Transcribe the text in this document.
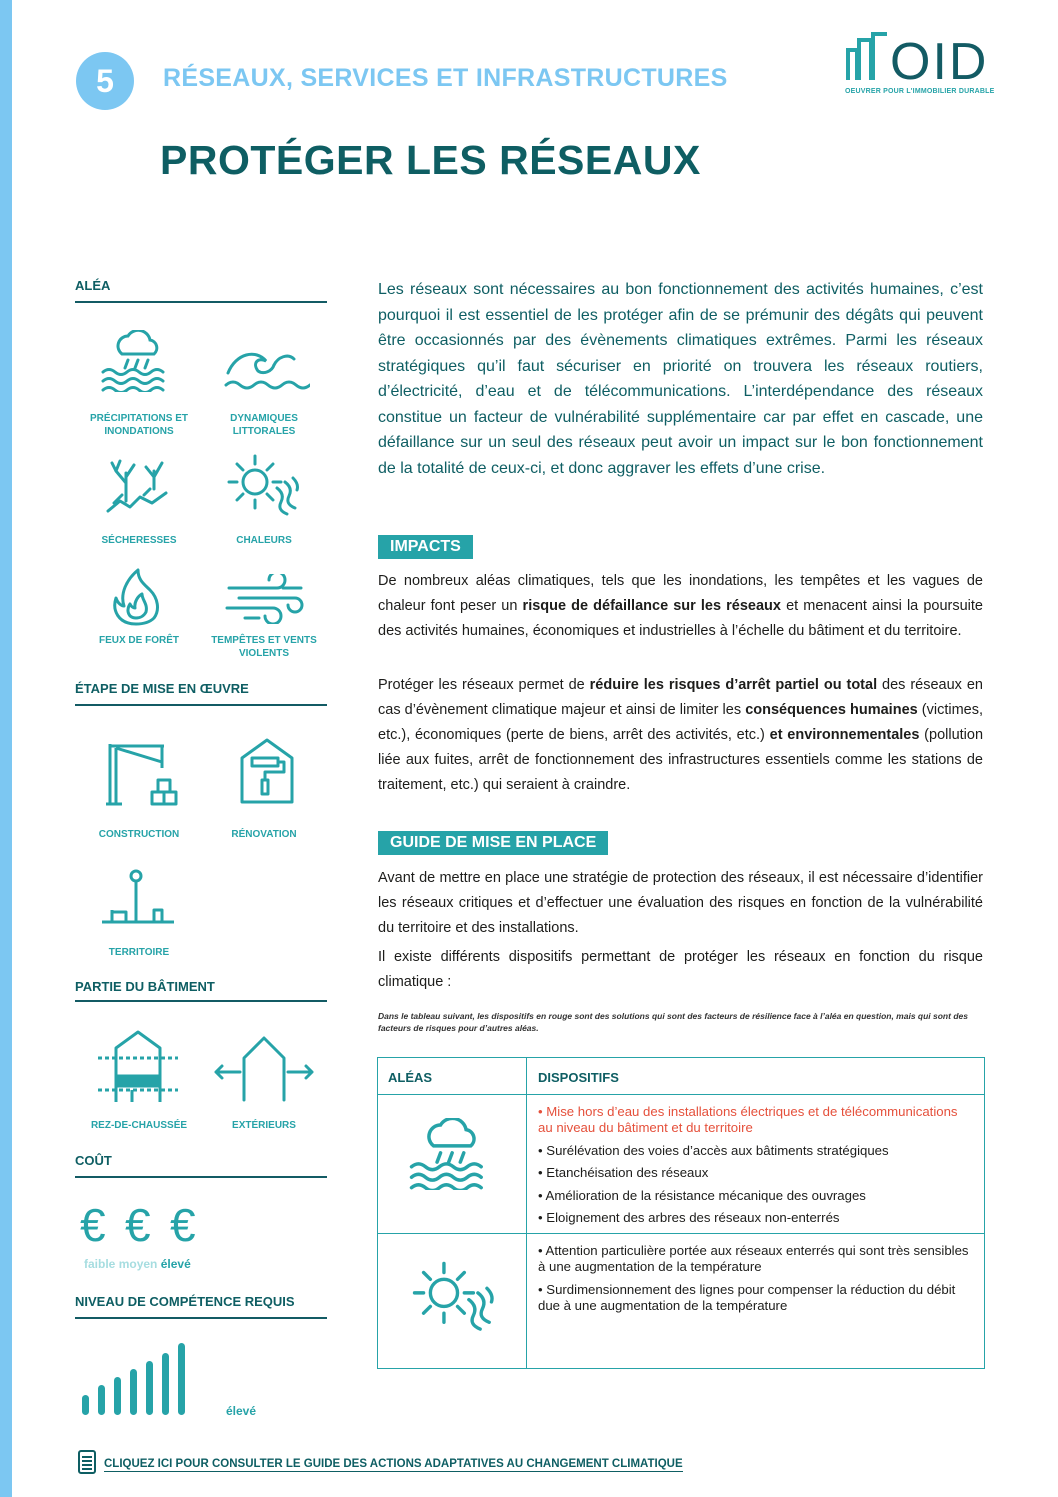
5	RÉSEAUX, SERVICES ET INFRASTRUCTURES
PROTÉGER LES RÉSEAUX
OID
OEUVRER POUR L'IMMOBILIER DURABLE
ALÉA
PRÉCIPITATIONS ET INONDATIONS
DYNAMIQUES LITTORALES
SÉCHERESSES	CHALEURS
FEUX DE FORÊT	TEMPÊTES ET VENTS VIOLENTS
ÉTAPE DE MISE EN ŒUVRE
CONSTRUCTION	RÉNOVATION
TERRITOIRE
PARTIE DU BÂTIMENT
REZ-DE-CHAUSSÉE	EXTÉRIEURS
COÛT
€ € €
faible moyen élevé
NIVEAU DE COMPÉTENCE REQUIS
élevé
Les réseaux sont nécessaires au bon fonctionnement des activités humaines, c’est pourquoi il est essentiel de les protéger afin de se prémunir des dégâts qui peuvent être occasionnés par des évènements climatiques extrêmes. Parmi les réseaux stratégiques qu’il faut sécuriser en priorité on trouvera les réseaux routiers, d’électricité, d’eau et de télécommunications. L’interdépendance des réseaux constitue un facteur de vulnérabilité supplémentaire car par effet en cascade, une défaillance sur un seul des réseaux peut avoir un impact sur le bon fonctionnement de la totalité de ceux-ci, et donc aggraver les effets d’une crise.
IMPACTS
De nombreux aléas climatiques, tels que les inondations, les tempêtes et les vagues de chaleur font peser un risque de défaillance sur les réseaux et menacent ainsi la poursuite des activités humaines, économiques et industrielles à l’échelle du bâtiment et du territoire.
Protéger les réseaux permet de réduire les risques d’arrêt partiel ou total des réseaux en cas d’évènement climatique majeur et ainsi de limiter les conséquences humaines (victimes, etc.), économiques (perte de biens, arrêt des activités, etc.) et environnementales (pollution liée aux fuites, arrêt de fonctionnement des infrastructures essentiels comme les stations de traitement, etc.) qui seraient à craindre.
GUIDE DE MISE EN PLACE
Avant de mettre en place une stratégie de protection des réseaux, il est nécessaire d’identifier les réseaux critiques et d’effectuer une évaluation des risques en fonction de la vulnérabilité du territoire et des installations.
Il existe différents dispositifs permettant de protéger les réseaux en fonction du risque climatique :
Dans le tableau suivant, les dispositifs en rouge sont des solutions qui sont des facteurs de résilience face à l’aléa en question, mais qui sont des facteurs de risques pour d’autres aléas.
ALÉAS	DISPOSITIFS
• Mise hors d’eau des installations électriques et de télécommunications au niveau du bâtiment et du territoire
• Surélévation des voies d’accès aux bâtiments stratégiques
• Etanchéisation des réseaux
• Amélioration de la résistance mécanique des ouvrages
• Eloignement des arbres des réseaux non-enterrés
• Attention particulière portée aux réseaux enterrés qui sont très sensibles à une augmentation de la température
• Surdimensionnement des lignes pour compenser la réduction du débit due à une augmentation de la température
CLIQUEZ ICI POUR CONSULTER LE GUIDE DES ACTIONS ADAPTATIVES AU CHANGEMENT CLIMATIQUE
